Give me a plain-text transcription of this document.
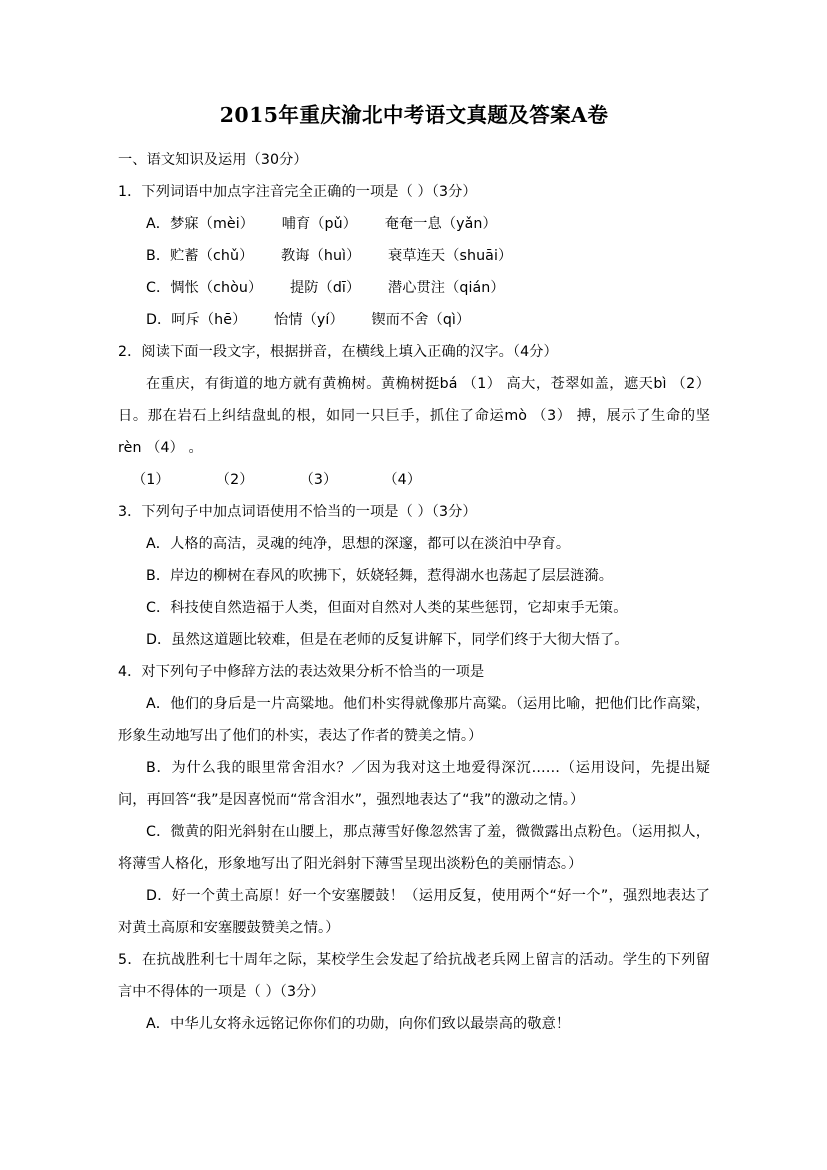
2015年重庆渝北中考语文真题及答案A卷

一、语文知识及运用（30分）

1．下列词语中加点字注音完全正确的一项是（ ）（3分）

A．梦寐（mèi）      哺育（pǔ）      奄奄一息（yǎn）

B．贮蓄（chǔ）      教诲（huì）      衰草连天（shuāi）

C．惆怅（chòu）      提防（dī）      潜心贯注（qián）

D．呵斥（hē）      怡情（yí）      锲而不舍（qì）

2．阅读下面一段文字，根据拼音，在横线上填入正确的汉字。（4分）

在重庆，有街道的地方就有黄桷树。黄桷树挺bá （1） 高大，苍翠如盖，遮天bì （2） 日。那在岩石上纠结盘虬的根，如同一只巨手，抓住了命运mò （3） 搏，展示了生命的坚rèn （4） 。

（1）          （2）          （3）          （4）

3．下列句子中加点词语使用不恰当的一项是（ ）（3分）

A．人格的高洁，灵魂的纯净，思想的深邃，都可以在淡泊中孕育。

B．岸边的柳树在春风的吹拂下，妖娆轻舞，惹得湖水也荡起了层层涟漪。

C．科技使自然造福于人类，但面对自然对人类的某些惩罚，它却束手无策。

D．虽然这道题比较难，但是在老师的反复讲解下，同学们终于大彻大悟了。

4．对下列句子中修辞方法的表达效果分析不恰当的一项是

A．他们的身后是一片高粱地。他们朴实得就像那片高粱。（运用比喻，把他们比作高粱，形象生动地写出了他们的朴实，表达了作者的赞美之情。）

B．为什么我的眼里常舍泪水？／因为我对这土地爱得深沉……（运用设问，先提出疑问，再回答“我”是因喜悦而“常含泪水”，强烈地表达了“我”的激动之情。）

C．微黄的阳光斜射在山腰上，那点薄雪好像忽然害了羞，微微露出点粉色。（运用拟人，将薄雪人格化，形象地写出了阳光斜射下薄雪呈现出淡粉色的美丽情态。）

D．好一个黄土高原！好一个安塞腰鼓！（运用反复，使用两个“好一个”，强烈地表达了对黄土高原和安塞腰鼓赞美之情。）

5．在抗战胜利七十周年之际，某校学生会发起了给抗战老兵网上留言的活动。学生的下列留言中不得体的一项是（ ）（3分）

A．中华儿女将永远铭记你你们的功勋，向你们致以最崇高的敬意！
